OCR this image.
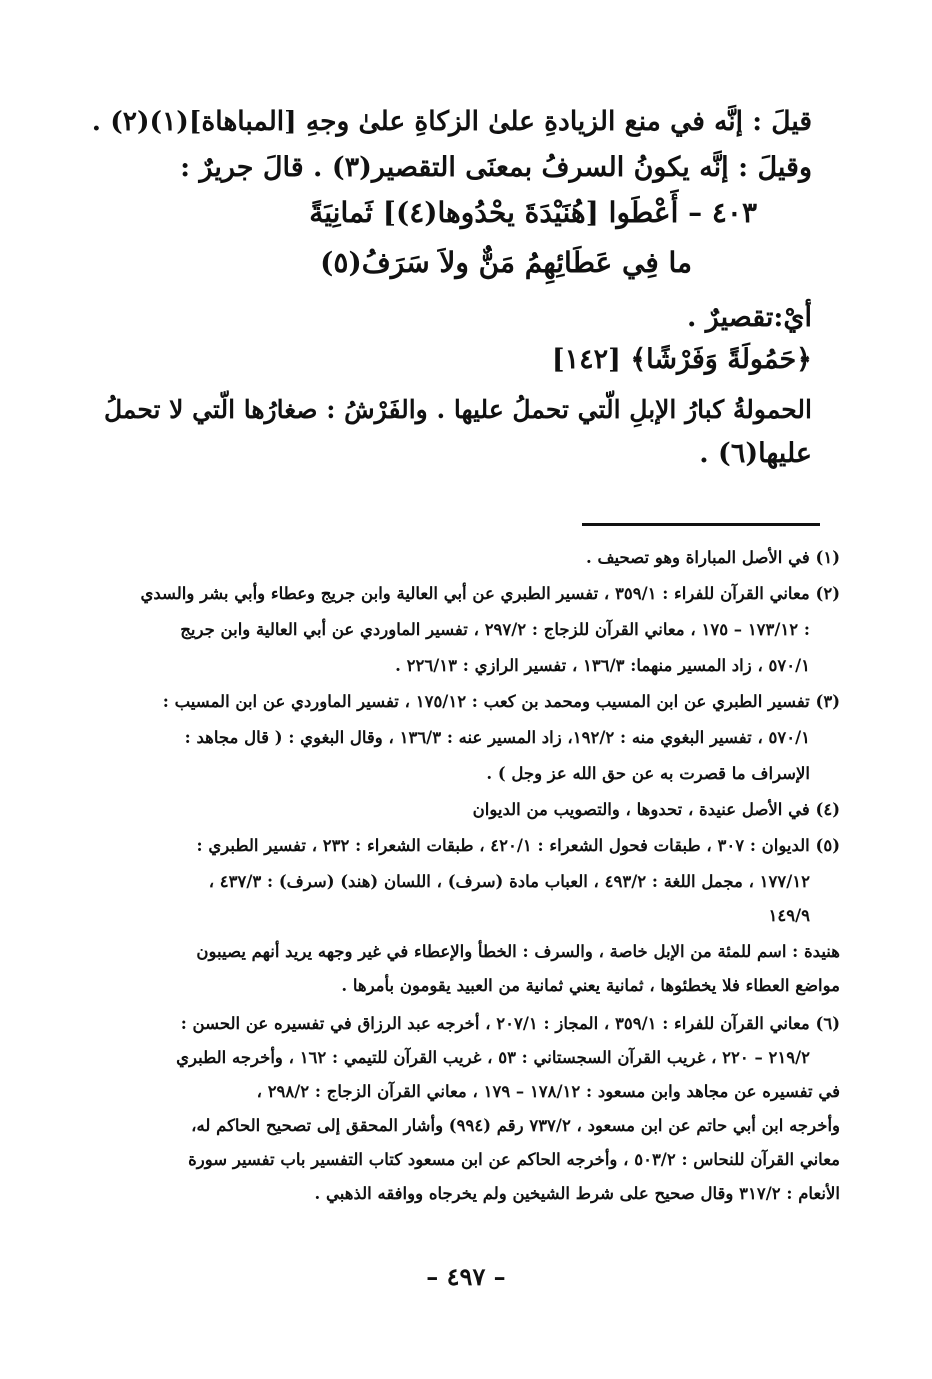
قيلَ : إنَّه في منع الزيادةِ علىٰ الزكاةِ علىٰ وجهِ [المباهاة](١)(٢) .
وقيلَ : إنَّه يكونُ السرفُ بمعنَى التقصير(٣) . قالَ جريرٌ :
٤٠٣ – أَعْطَوا [هُنَيْدَةَ يحْدُوها(٤)] ثَمانِيَةً
ما فِي عَطَائِهِمُ مَنٌّ ولاَ سَرَفُ(٥)
أيْ:تقصيرٌ .
﴿حَمُولَةً وَفَرْشًا﴾ [١٤٢]
الحمولةُ كبارُ الإبلِ الّتي تحملُ عليها . والفَرْشُ : صغارُها الّتي لا تحملُ
عليها(٦) .
(١) في الأصل المباراة وهو تصحيف .
(٢) معاني القرآن للفراء : ٣٥٩/١ ، تفسير الطبري عن أبي العالية وابن جريج وعطاء وأبي بشر والسدي
: ١٧٣/١٢ – ١٧٥ ، معاني القرآن للزجاج : ٢٩٧/٢ ، تفسير الماوردي عن أبي العالية وابن جريج
٥٧٠/١ ، زاد المسير منهما: ١٣٦/٣ ، تفسير الرازي : ٢٢٦/١٣ .
(٣) تفسير الطبري عن ابن المسيب ومحمد بن كعب : ١٧٥/١٢ ، تفسير الماوردي عن ابن المسيب :
٥٧٠/١ ، تفسير البغوي منه : ١٩٢/٢، زاد المسير عنه : ١٣٦/٣ ، وقال البغوي : ( قال مجاهد :
الإسراف ما قصرت به عن حق الله عز وجل ) .
(٤) في الأصل عنيدة ، تحدوها ، والتصويب من الديوان
(٥) الديوان : ٣٠٧ ، طبقات فحول الشعراء : ٤٢٠/١ ، طبقات الشعراء : ٢٣٢ ، تفسير الطبري :
١٧٧/١٢ ، مجمل اللغة : ٤٩٣/٢ ، العباب مادة (سرف) ، اللسان (هند) (سرف) : ٤٣٧/٣ ،
١٤٩/٩
هنيدة : اسم للمئة من الإبل خاصة ، والسرف : الخطأ والإعطاء في غير وجهه يريد أنهم يصيبون
مواضع العطاء فلا يخطئوها ، ثمانية يعني ثمانية من العبيد يقومون بأمرها .
(٦) معاني القرآن للفراء : ٣٥٩/١ ، المجاز : ٢٠٧/١ ، أخرجه عبد الرزاق في تفسيره عن الحسن :
٢١٩/٢ – ٢٢٠ ، غريب القرآن السجستاني : ٥٣ ، غريب القرآن للتيمي : ١٦٢ ، وأخرجه الطبري
في تفسيره عن مجاهد وابن مسعود : ١٧٨/١٢ – ١٧٩ ، معاني القرآن الزجاج : ٢٩٨/٢ ،
وأخرجه ابن أبي حاتم عن ابن مسعود ، ٧٣٧/٢ رقم (٩٩٤) وأشار المحقق إلى تصحيح الحاكم له،
معاني القرآن للنحاس : ٥٠٣/٢ ، وأخرجه الحاكم عن ابن مسعود كتاب التفسير باب تفسير سورة
الأنعام : ٣١٧/٢ وقال صحيح على شرط الشيخين ولم يخرجاه ووافقه الذهبي .
– ٤٩٧ –
